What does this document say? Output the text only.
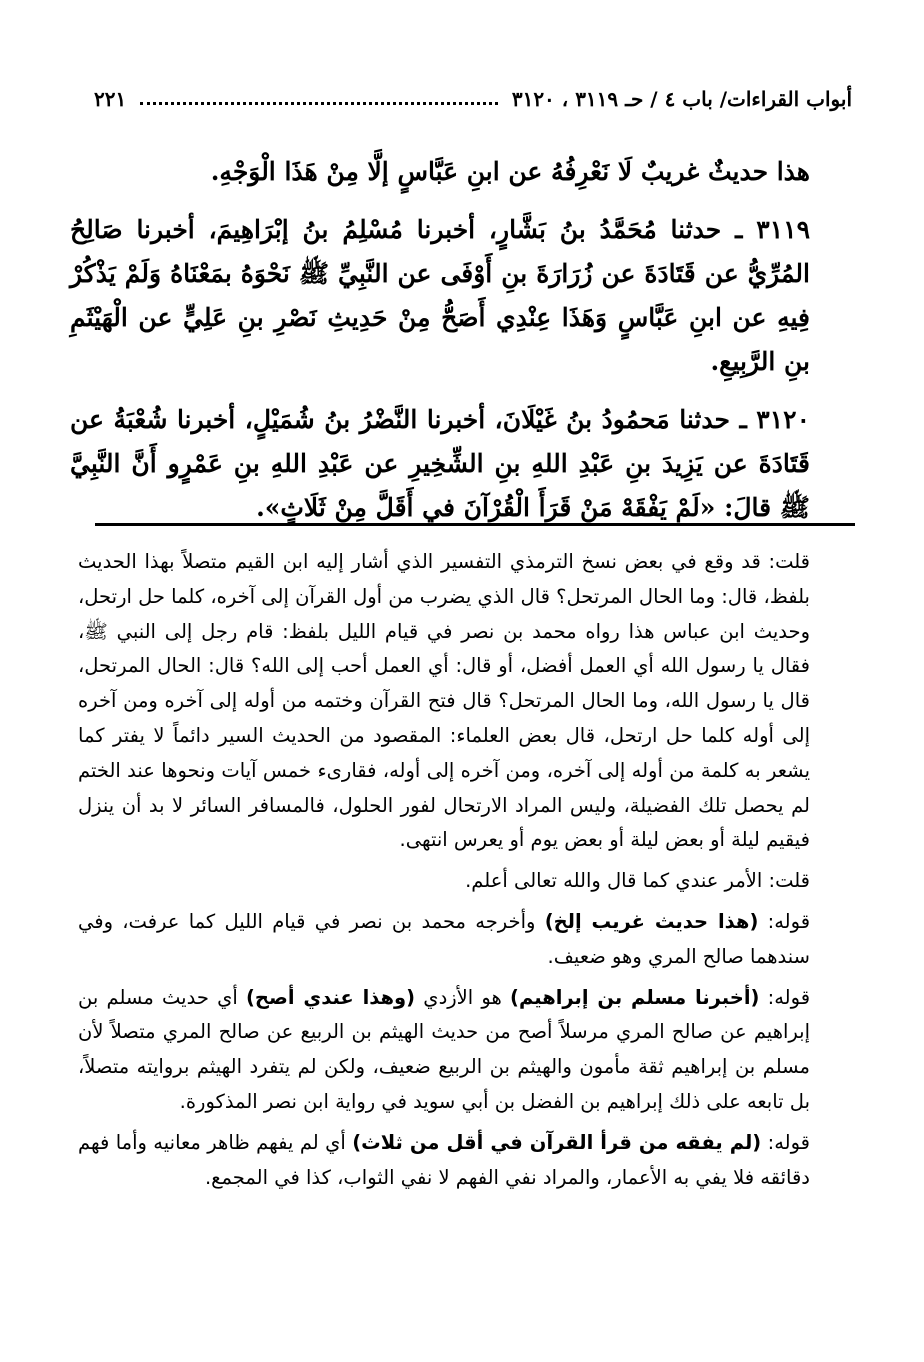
أبواب القراءات/ باب ٤ / حـ ٣١١٩ ، ٣١٢٠
٢٢١

هذا حديثٌ غريبٌ لَا نَعْرِفُهُ عن ابنِ عَبَّاسٍ إلَّا مِنْ هَذَا الْوَجْهِ.

٣١١٩ ـ حدثنا مُحَمَّدُ بنُ بَشَّارٍ، أخبرنا مُسْلِمُ بنُ إبْرَاهِيمَ، أخبرنا صَالِحُ المُرِّيُّ عن قَتَادَةَ عن زُرَارَةَ بنِ أَوْفَى عن النَّبِيِّ ﷺ نَحْوَهُ بمَعْنَاهُ وَلَمْ يَذْكُرْ فِيهِ عن ابنِ عَبَّاسٍ وَهَذَا عِنْدِي أَصَحُّ مِنْ حَدِيثِ نَصْرِ بنِ عَلِيٍّ عن الْهَيْثَمِ بنِ الرَّبِيعِ.

٣١٢٠ ـ حدثنا مَحمُودُ بنُ غَيْلَانَ، أخبرنا النَّضْرُ بنُ شُمَيْلٍ، أخبرنا شُعْبَةُ عن قَتَادَةَ عن يَزِيدَ بنِ عَبْدِ اللهِ بنِ الشِّخِيرِ عن عَبْدِ اللهِ بنِ عَمْرٍو أَنَّ النَّبِيَّ ﷺ قالَ: «لَمْ يَفْقَهْ مَنْ قَرَأَ الْقُرْآنَ في أَقَلَّ مِنْ ثَلَاثٍ».

قلت: قد وقع في بعض نسخ الترمذي التفسير الذي أشار إليه ابن القيم متصلاً بهذا الحديث بلفظ، قال: وما الحال المرتحل؟ قال الذي يضرب من أول القرآن إلى آخره، كلما حل ارتحل، وحديث ابن عباس هذا رواه محمد بن نصر في قيام الليل بلفظ: قام رجل إلى النبي ﷺ، فقال يا رسول الله أي العمل أفضل، أو قال: أي العمل أحب إلى الله؟ قال: الحال المرتحل، قال يا رسول الله، وما الحال المرتحل؟ قال فتح القرآن وختمه من أوله إلى آخره ومن آخره إلى أوله كلما حل ارتحل، قال بعض العلماء: المقصود من الحديث السير دائماً لا يفتر كما يشعر به كلمة من أوله إلى آخره، ومن آخره إلى أوله، فقارىء خمس آيات ونحوها عند الختم لم يحصل تلك الفضيلة، وليس المراد الارتحال لفور الحلول، فالمسافر السائر لا بد أن ينزل فيقيم ليلة أو بعض ليلة أو بعض يوم أو يعرس انتهى.

قلت: الأمر عندي كما قال والله تعالى أعلم.

قوله: (هذا حديث غريب إلخ) وأخرجه محمد بن نصر في قيام الليل كما عرفت، وفي سندهما صالح المري وهو ضعيف.

قوله: (أخبرنا مسلم بن إبراهيم) هو الأزدي (وهذا عندي أصح) أي حديث مسلم بن إبراهيم عن صالح المري مرسلاً أصح من حديث الهيثم بن الربيع عن صالح المري متصلاً لأن مسلم بن إبراهيم ثقة مأمون والهيثم بن الربيع ضعيف، ولكن لم يتفرد الهيثم بروايته متصلاً، بل تابعه على ذلك إبراهيم بن الفضل بن أبي سويد في رواية ابن نصر المذكورة.

قوله: (لم يفقه من قرأ القرآن في أقل من ثلاث) أي لم يفهم ظاهر معانيه وأما فهم دقائقه فلا يفي به الأعمار، والمراد نفي الفهم لا نفي الثواب، كذا في المجمع.
